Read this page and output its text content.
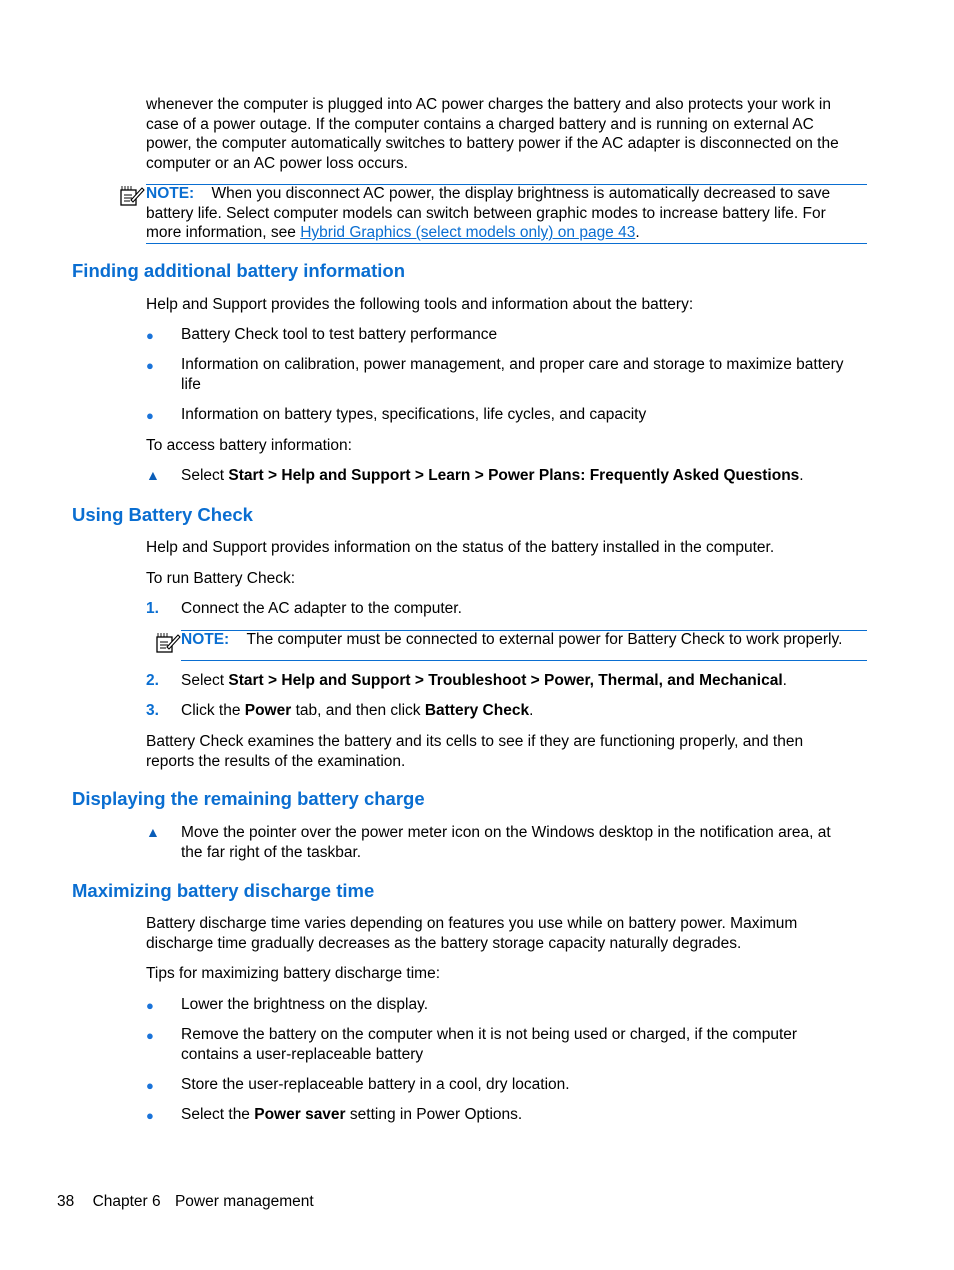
whenever the computer is plugged into AC power charges the battery and also protects your work in
case of a power outage. If the computer contains a charged battery and is running on external AC
power, the computer automatically switches to battery power if the AC adapter is disconnected on the
computer or an AC power loss occurs.
NOTE: When you disconnect AC power, the display brightness is automatically decreased to save
battery life. Select computer models can switch between graphic modes to increase battery life. For
more information, see Hybrid Graphics (select models only) on page 43.
Finding additional battery information
Help and Support provides the following tools and information about the battery:
● Battery Check tool to test battery performance
● Information on calibration, power management, and proper care and storage to maximize battery
life
● Information on battery types, specifications, life cycles, and capacity
To access battery information:
▲ Select Start > Help and Support > Learn > Power Plans: Frequently Asked Questions.
Using Battery Check
Help and Support provides information on the status of the battery installed in the computer.
To run Battery Check:
1. Connect the AC adapter to the computer.
NOTE: The computer must be connected to external power for Battery Check to work properly.
2. Select Start > Help and Support > Troubleshoot > Power, Thermal, and Mechanical.
3. Click the Power tab, and then click Battery Check.
Battery Check examines the battery and its cells to see if they are functioning properly, and then
reports the results of the examination.
Displaying the remaining battery charge
▲ Move the pointer over the power meter icon on the Windows desktop in the notification area, at
the far right of the taskbar.
Maximizing battery discharge time
Battery discharge time varies depending on features you use while on battery power. Maximum
discharge time gradually decreases as the battery storage capacity naturally degrades.
Tips for maximizing battery discharge time:
● Lower the brightness on the display.
● Remove the battery on the computer when it is not being used or charged, if the computer
contains a user-replaceable battery
● Store the user-replaceable battery in a cool, dry location.
● Select the Power saver setting in Power Options.
38 Chapter 6 Power management
